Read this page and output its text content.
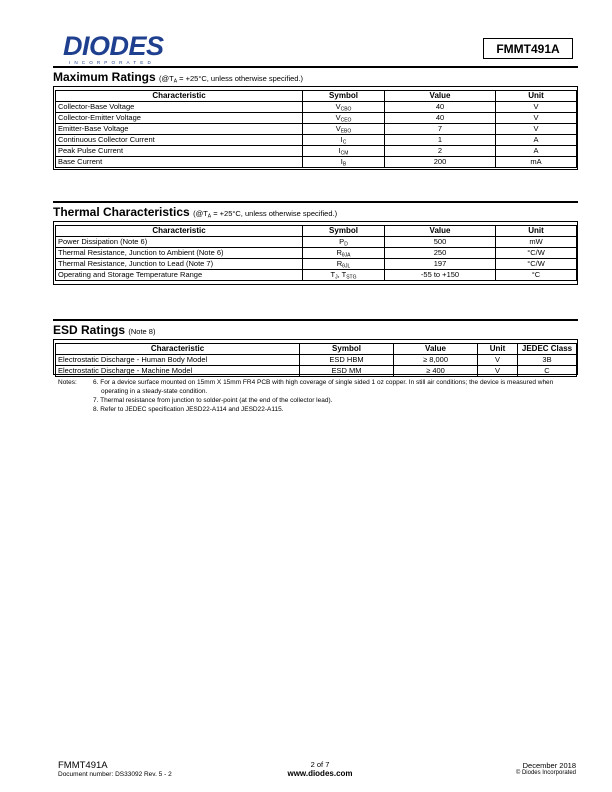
DIODES
INCORPORATED
FMMT491A
Maximum Ratings ($@T_A = +25^\circ C$, unless otherwise specified.)
Characteristic	Symbol	Value	Unit
Collector-Base Voltage	$V_{CBO}$	40	V
Collector-Emitter Voltage	$V_{CEO}$	40	V
Emitter-Base Voltage	$V_{EBO}$	7	V
Continuous Collector Current	$I_C$	1	A
Peak Pulse Current	$I_{CM}$	2	A
Base Current	$I_B$	200	mA
Thermal Characteristics ($@T_A = +25^\circ C$, unless otherwise specified.)
Characteristic	Symbol	Value	Unit
Power Dissipation (Note 6)	$P_D$	500	mW
Thermal Resistance, Junction to Ambient (Note 6)	$R_{\theta JA}$	250	°C/W
Thermal Resistance, Junction to Lead (Note 7)	$R_{\theta JL}$	197	°C/W
Operating and Storage Temperature Range	$T_J$, $T_{STG}$	-55 to +150	°C
ESD Ratings (Note 8)
Characteristic	Symbol	Value	Unit	JEDEC Class
Electrostatic Discharge - Human Body Model	ESD HBM	≥ 8,000	V	3B
Electrostatic Discharge - Machine Model	ESD MM	≥ 400	V	C
Notes: 6. For a device surface mounted on 15mm X 15mm FR4 PCB with high coverage of single sided 1 oz copper. In still air conditions; the device is measured when operating in a steady-state condition.
7. Thermal resistance from junction to solder-point (at the end of the collector lead).
8. Refer to JEDEC specification JESD22-A114 and JESD22-A115.
FMMT491A
Document number: DS33092 Rev. 5 - 2
2 of 7
www.diodes.com
December 2018
© Diodes Incorporated
